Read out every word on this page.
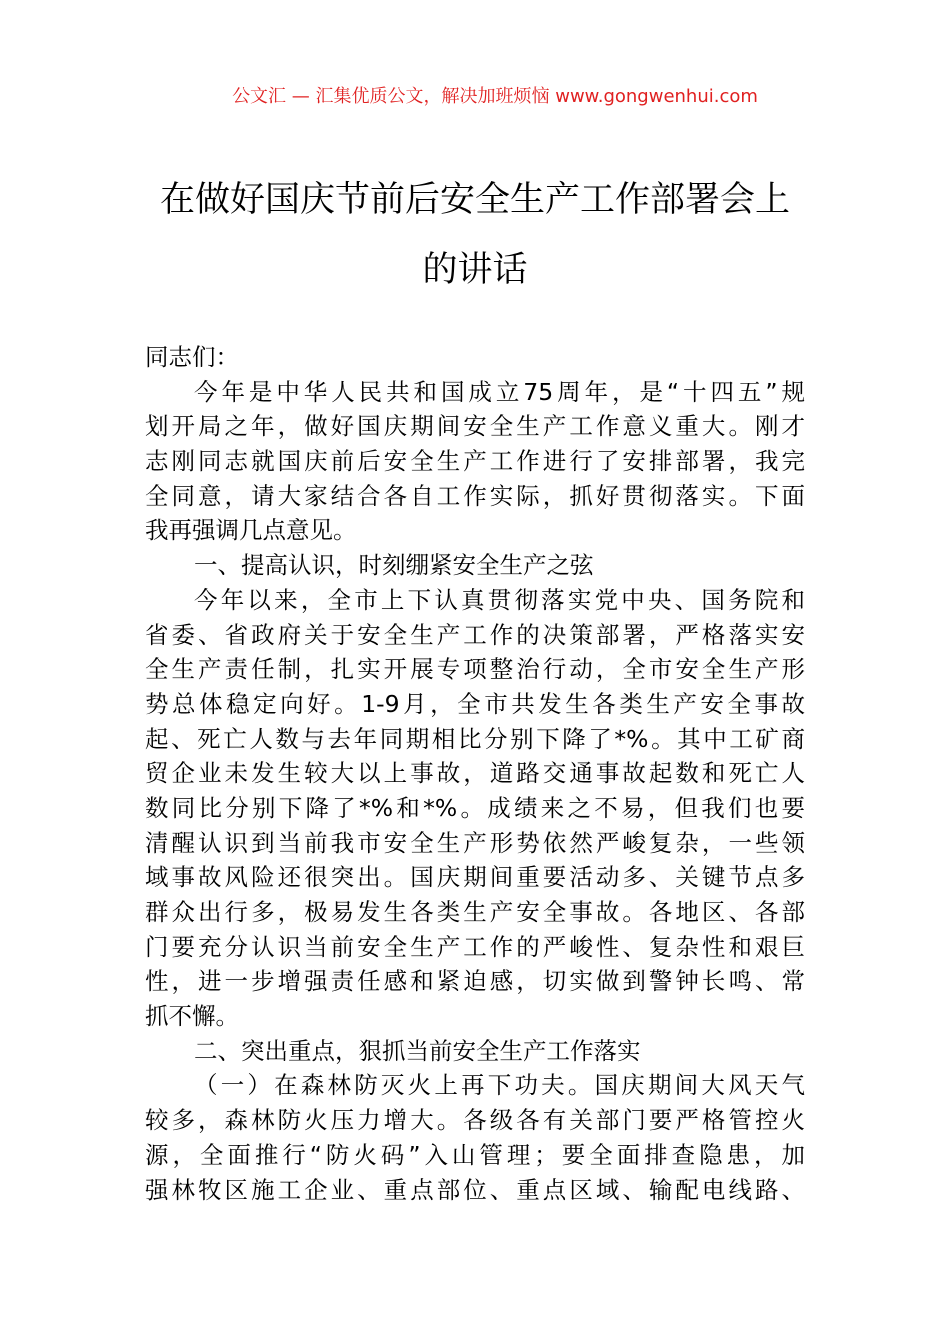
公文汇 — 汇集优质公文，解决加班烦恼 www.gongwenhui.com
在做好国庆节前后安全生产工作部署会上
的讲话
同志们：
今年是中华人民共和国成立75周年，是“十四五”规
划开局之年，做好国庆期间安全生产工作意义重大。刚才
志刚同志就国庆前后安全生产工作进行了安排部署，我完
全同意，请大家结合各自工作实际，抓好贯彻落实。下面
我再强调几点意见。
一、提高认识，时刻绷紧安全生产之弦
今年以来，全市上下认真贯彻落实党中央、国务院和
省委、省政府关于安全生产工作的决策部署，严格落实安
全生产责任制，扎实开展专项整治行动，全市安全生产形
势总体稳定向好。1-9月，全市共发生各类生产安全事故
起、死亡人数与去年同期相比分别下降了*%。其中工矿商
贸企业未发生较大以上事故，道路交通事故起数和死亡人
数同比分别下降了*%和*%。成绩来之不易，但我们也要
清醒认识到当前我市安全生产形势依然严峻复杂，一些领
域事故风险还很突出。国庆期间重要活动多、关键节点多
群众出行多，极易发生各类生产安全事故。各地区、各部
门要充分认识当前安全生产工作的严峻性、复杂性和艰巨
性，进一步增强责任感和紧迫感，切实做到警钟长鸣、常
抓不懈。
二、突出重点，狠抓当前安全生产工作落实
（一）在森林防灭火上再下功夫。国庆期间大风天气
较多，森林防火压力增大。各级各有关部门要严格管控火
源，全面推行“防火码”入山管理；要全面排查隐患，加
强林牧区施工企业、重点部位、重点区域、输配电线路、
